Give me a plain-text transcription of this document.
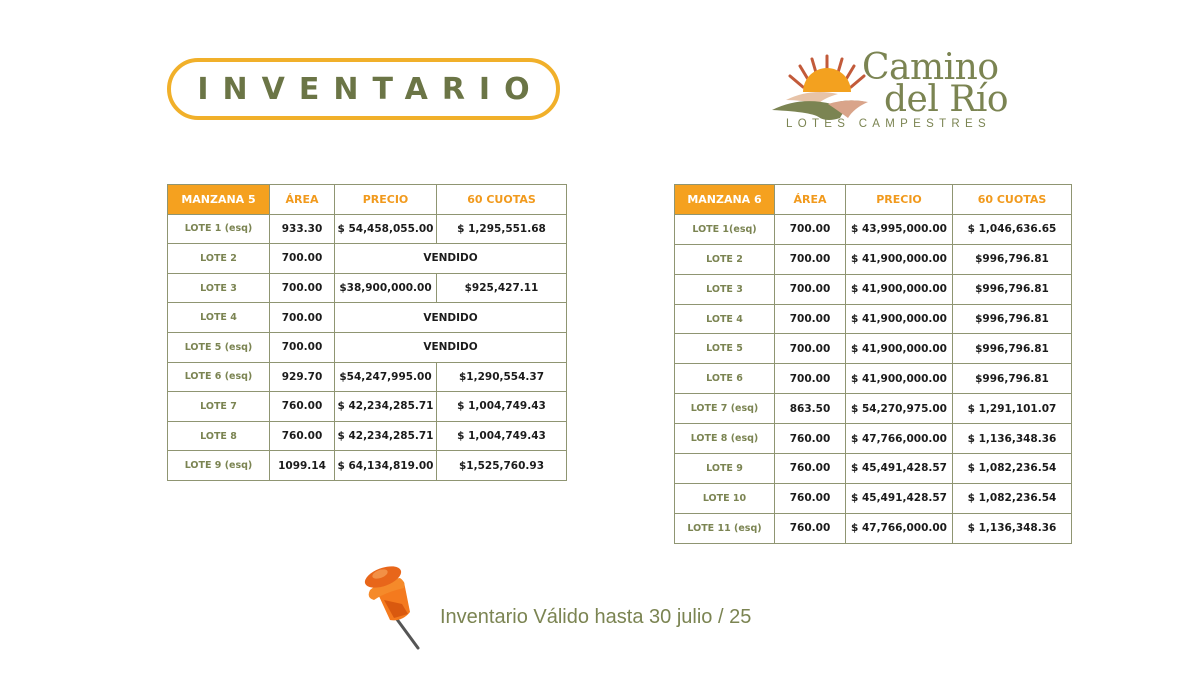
INVENTARIO
Camino
del Río
LOTES CAMPESTRES
MANZANA 5	ÁREA	PRECIO	60 CUOTAS
LOTE 1 (esq)	933.30	$ 54,458,055.00	$ 1,295,551.68
LOTE 2	700.00	VENDIDO	
LOTE 3	700.00	$38,900,000.00	$925,427.11
LOTE 4	700.00	VENDIDO	
LOTE 5 (esq)	700.00	VENDIDO	
LOTE 6 (esq)	929.70	$54,247,995.00	$1,290,554.37
LOTE 7	760.00	$ 42,234,285.71	$ 1,004,749.43
LOTE 8	760.00	$ 42,234,285.71	$ 1,004,749.43
LOTE 9 (esq)	1099.14	$ 64,134,819.00	$1,525,760.93
MANZANA 6	ÁREA	PRECIO	60 CUOTAS
LOTE 1(esq)	700.00	$ 43,995,000.00	$ 1,046,636.65
LOTE 2	700.00	$ 41,900,000.00	$996,796.81
LOTE 3	700.00	$ 41,900,000.00	$996,796.81
LOTE 4	700.00	$ 41,900,000.00	$996,796.81
LOTE 5	700.00	$ 41,900,000.00	$996,796.81
LOTE 6	700.00	$ 41,900,000.00	$996,796.81
LOTE 7 (esq)	863.50	$ 54,270,975.00	$ 1,291,101.07
LOTE 8 (esq)	760.00	$ 47,766,000.00	$ 1,136,348.36
LOTE 9	760.00	$ 45,491,428.57	$ 1,082,236.54
LOTE 10	760.00	$ 45,491,428.57	$ 1,082,236.54
LOTE 11 (esq)	760.00	$ 47,766,000.00	$ 1,136,348.36
Inventario Válido hasta 30 julio / 25
